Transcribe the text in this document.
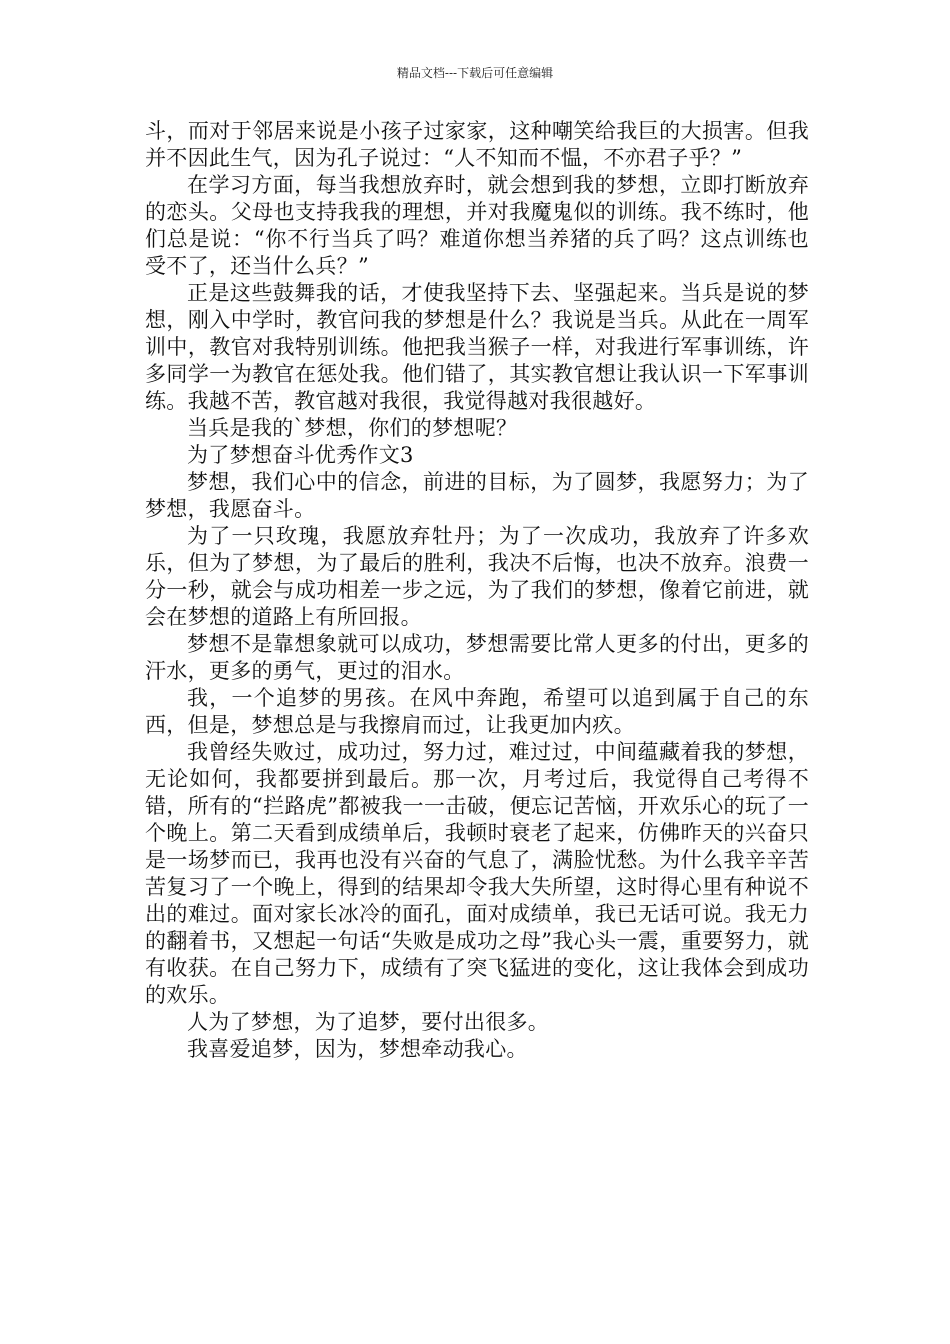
精品文档---下载后可任意编辑

斗，而对于邻居来说是小孩子过家家，这种嘲笑给我巨的大损害。但我并不因此生气，因为孔子说过：“人不知而不愠，不亦君子乎？”

在学习方面，每当我想放弃时，就会想到我的梦想，立即打断放弃的恋头。父母也支持我我的理想，并对我魔鬼似的训练。我不练时，他们总是说：“你不行当兵了吗？难道你想当养猪的兵了吗？这点训练也受不了，还当什么兵？”

正是这些鼓舞我的话，才使我坚持下去、坚强起来。当兵是说的梦想，刚入中学时，教官问我的梦想是什么？我说是当兵。从此在一周军训中，教官对我特别训练。他把我当猴子一样，对我进行军事训练，许多同学一为教官在惩处我。他们错了，其实教官想让我认识一下军事训练。我越不苦，教官越对我很，我觉得越对我很越好。

当兵是我的`梦想，你们的梦想呢？

为了梦想奋斗优秀作文3

梦想，我们心中的信念，前进的目标，为了圆梦，我愿努力；为了梦想，我愿奋斗。

为了一只玫瑰，我愿放弃牡丹；为了一次成功，我放弃了许多欢乐，但为了梦想，为了最后的胜利，我决不后悔，也决不放弃。浪费一分一秒，就会与成功相差一步之远，为了我们的梦想，像着它前进，就会在梦想的道路上有所回报。

梦想不是靠想象就可以成功，梦想需要比常人更多的付出，更多的汗水，更多的勇气，更过的泪水。

我，一个追梦的男孩。在风中奔跑，希望可以追到属于自己的东西，但是，梦想总是与我擦肩而过，让我更加内疚。

我曾经失败过，成功过，努力过，难过过，中间蕴藏着我的梦想，无论如何，我都要拼到最后。那一次，月考过后，我觉得自己考得不错，所有的“拦路虎”都被我一一击破，便忘记苦恼，开欢乐心的玩了一个晚上。第二天看到成绩单后，我顿时衰老了起来，仿佛昨天的兴奋只是一场梦而已，我再也没有兴奋的气息了，满脸忧愁。为什么我辛辛苦苦复习了一个晚上，得到的结果却令我大失所望，这时得心里有种说不出的难过。面对家长冰冷的面孔，面对成绩单，我已无话可说。我无力的翻着书，又想起一句话“失败是成功之母”我心头一震，重要努力，就有收获。在自己努力下，成绩有了突飞猛进的变化，这让我体会到成功的欢乐。

人为了梦想，为了追梦，要付出很多。

我喜爱追梦，因为，梦想牵动我心。
